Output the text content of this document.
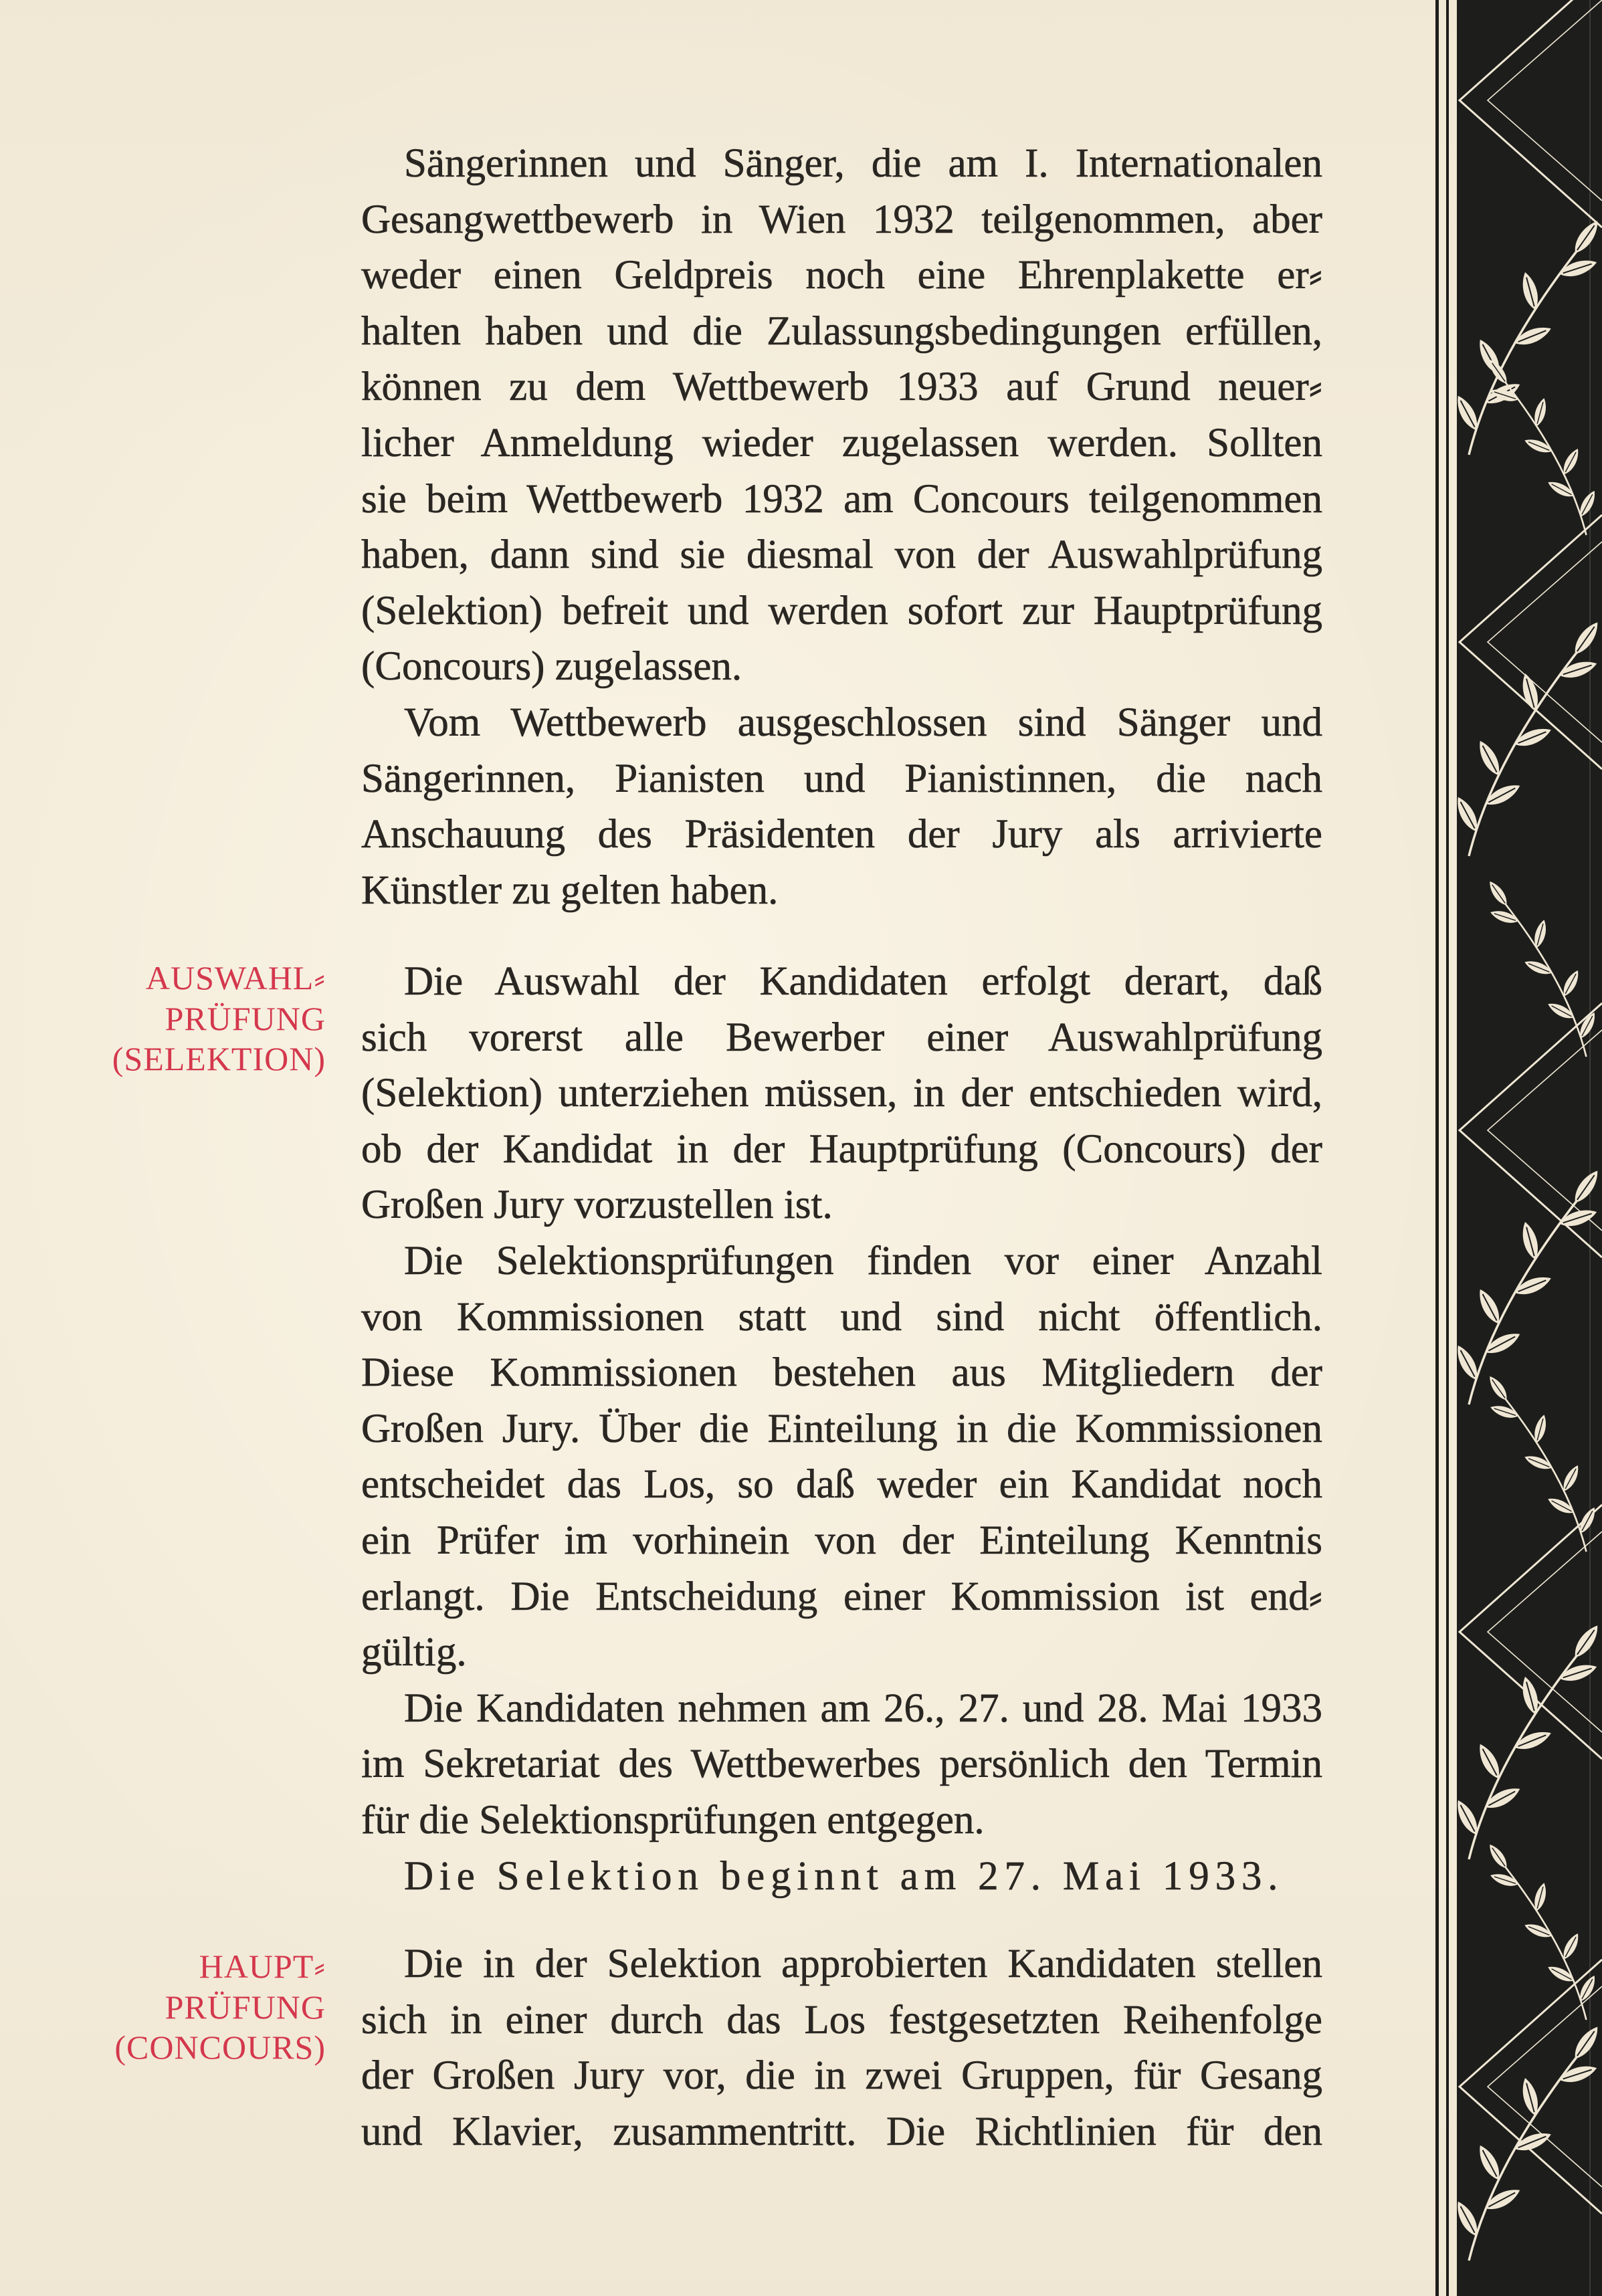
Sängerinnen und Sänger, die am I. Internationalen
Gesangwettbewerb in Wien 1932 teilgenommen, aber
weder einen Geldpreis noch eine Ehrenplakette er⸗
halten haben und die Zulassungsbedingungen erfüllen,
können zu dem Wettbewerb 1933 auf Grund neuer⸗
licher Anmeldung wieder zugelassen werden. Sollten
sie beim Wettbewerb 1932 am Concours teilgenommen
haben, dann sind sie diesmal von der Auswahlprüfung
(Selektion) befreit und werden sofort zur Hauptprüfung
(Concours) zugelassen.
Vom Wettbewerb ausgeschlossen sind Sänger und
Sängerinnen, Pianisten und Pianistinnen, die nach
Anschauung des Präsidenten der Jury als arrivierte
Künstler zu gelten haben.
AUSWAHL⸗
PRÜFUNG
(SELEKTION)
Die Auswahl der Kandidaten erfolgt derart, daß
sich vorerst alle Bewerber einer Auswahlprüfung
(Selektion) unterziehen müssen, in der entschieden wird,
ob der Kandidat in der Hauptprüfung (Concours) der
Großen Jury vorzustellen ist.
Die Selektionsprüfungen finden vor einer Anzahl
von Kommissionen statt und sind nicht öffentlich.
Diese Kommissionen bestehen aus Mitgliedern der
Großen Jury. Über die Einteilung in die Kommissionen
entscheidet das Los, so daß weder ein Kandidat noch
ein Prüfer im vorhinein von der Einteilung Kenntnis
erlangt. Die Entscheidung einer Kommission ist end⸗
gültig.
Die Kandidaten nehmen am 26., 27. und 28. Mai 1933
im Sekretariat des Wettbewerbes persönlich den Termin
für die Selektionsprüfungen entgegen.
Die Selektion beginnt am 27. Mai 1933.
HAUPT⸗
PRÜFUNG
(CONCOURS)
Die in der Selektion approbierten Kandidaten stellen
sich in einer durch das Los festgesetzten Reihenfolge
der Großen Jury vor, die in zwei Gruppen, für Gesang
und Klavier, zusammentritt. Die Richtlinien für den
